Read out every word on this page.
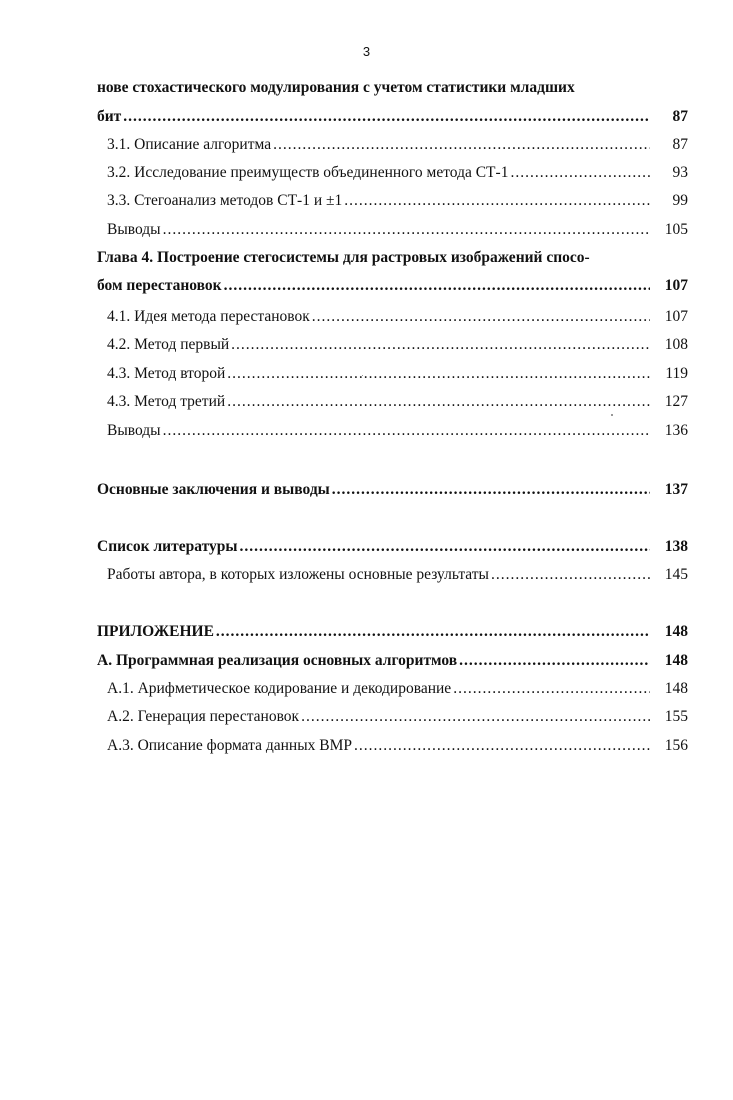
3
нове стохастического модулирования с учетом статистики младших
бит .....	87
3.1. Описание алгоритма .....	87
3.2. Исследование преимуществ объединенного метода СТ-1 .....	93
3.3. Стегоанализ методов СТ-1 и ±1 .....	99
Выводы .....	105
Глава 4. Построение стегосистемы для растровых изображений спосо-
бом перестановок .....	107
4.1. Идея метода перестановок .....	107
4.2. Метод первый .....	108
4.3. Метод второй .....	119
4.3. Метод третий .....	127
Выводы .....	136
Основные заключения и выводы .....	137
Список литературы .....	138
Работы автора, в которых изложены основные результаты .....	145
ПРИЛОЖЕНИЕ .....	148
А. Программная реализация основных алгоритмов .....	148
А.1. Арифметическое кодирование и декодирование .....	148
А.2. Генерация перестановок .....	155
А.3. Описание формата данных BMP .....	156
